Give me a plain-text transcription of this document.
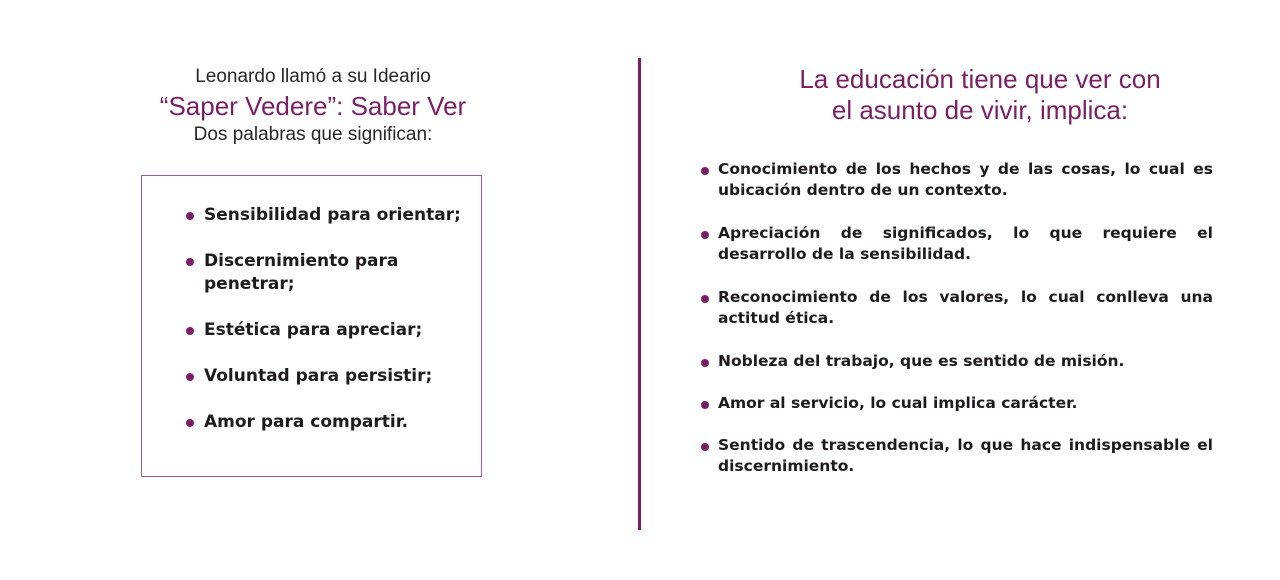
Leonardo llamó a su Ideario
“Saper Vedere”: Saber Ver
Dos palabras que significan:
Sensibilidad para orientar;
Discernimiento para penetrar;
Estética para apreciar;
Voluntad para persistir;
Amor para compartir.
La educación tiene que ver con
el asunto de vivir, implica:
Conocimiento de los hechos y de las cosas, lo cual es ubicación dentro de un contexto.
Apreciación de significados, lo que requiere el desarrollo de la sensibilidad.
Reconocimiento de los valores, lo cual conlleva una actitud ética.
Nobleza del trabajo, que es sentido de misión.
Amor al servicio, lo cual implica carácter.
Sentido de trascendencia, lo que hace indispensable el discernimiento.
